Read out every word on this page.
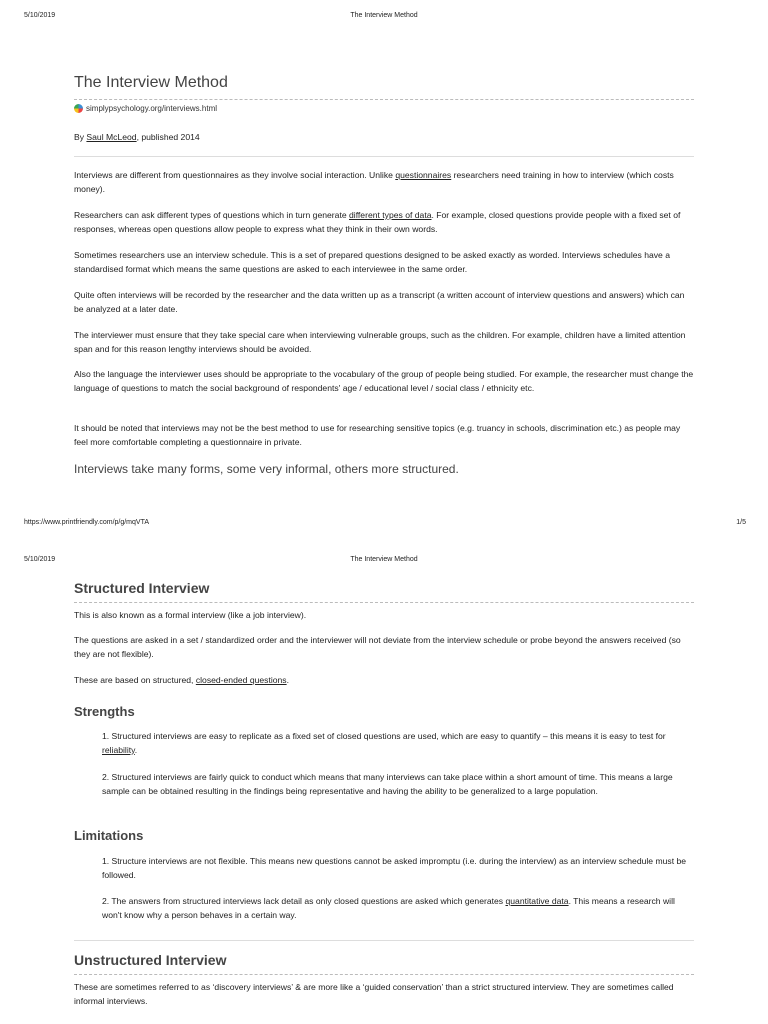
5/10/2019	The Interview Method
The Interview Method
simplypsychology.org/interviews.html

By Saul McLeod, published 2014

Interviews are different from questionnaires as they involve social interaction. Unlike questionnaires researchers need training in how to interview (which costs money).

Researchers can ask different types of questions which in turn generate different types of data. For example, closed questions provide people with a fixed set of responses, whereas open questions allow people to express what they think in their own words.

Sometimes researchers use an interview schedule. This is a set of prepared questions designed to be asked exactly as worded. Interviews schedules have a standardised format which means the same questions are asked to each interviewee in the same order.

Quite often interviews will be recorded by the researcher and the data written up as a transcript (a written account of interview questions and answers) which can be analyzed at a later date.

The interviewer must ensure that they take special care when interviewing vulnerable groups, such as the children. For example, children have a limited attention span and for this reason lengthy interviews should be avoided.

Also the language the interviewer uses should be appropriate to the vocabulary of the group of people being studied. For example, the researcher must change the language of questions to match the social background of respondents' age / educational level / social class / ethnicity etc.

It should be noted that interviews may not be the best method to use for researching sensitive topics (e.g. truancy in schools, discrimination etc.) as people may feel more comfortable completing a questionnaire in private.

Interviews take many forms, some very informal, others more structured.
https://www.printfriendly.com/p/g/mqVTA	1/5
5/10/2019	The Interview Method
Structured Interview

This is also known as a formal interview (like a job interview).

The questions are asked in a set / standardized order and the interviewer will not deviate from the interview schedule or probe beyond the answers received (so they are not flexible).

These are based on structured, closed-ended questions.

Strengths

1. Structured interviews are easy to replicate as a fixed set of closed questions are used, which are easy to quantify – this means it is easy to test for reliability.

2. Structured interviews are fairly quick to conduct which means that many interviews can take place within a short amount of time. This means a large sample can be obtained resulting in the findings being representative and having the ability to be generalized to a large population.

Limitations

1. Structure interviews are not flexible. This means new questions cannot be asked impromptu (i.e. during the interview) as an interview schedule must be followed.

2. The answers from structured interviews lack detail as only closed questions are asked which generates quantitative data. This means a research will won't know why a person behaves in a certain way.

Unstructured Interview

These are sometimes referred to as ‘discovery interviews’ & are more like a ‘guided conservation’ than a strict structured interview. They are sometimes called informal interviews.
